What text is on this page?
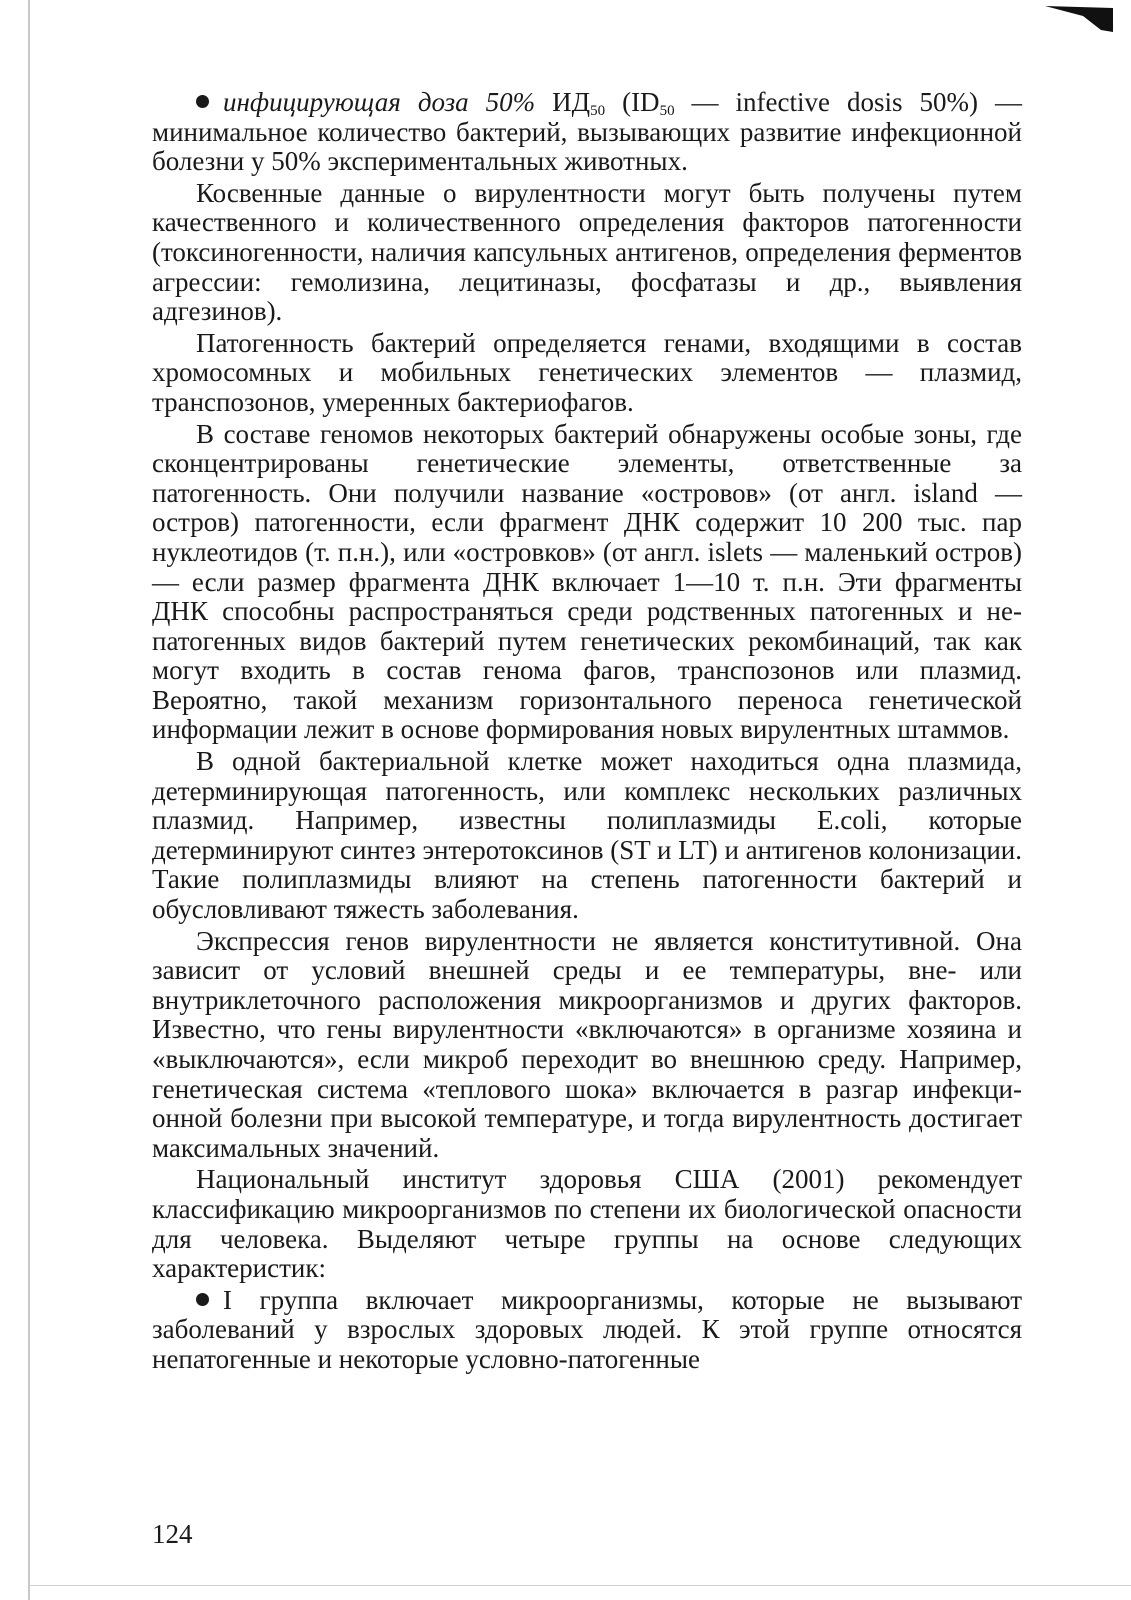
инфицирующая доза 50% $ИД_{50}$ ($ID_{50}$ — infective dosis 50%) — минимальное количество бактерий, вызывающих развитие инфекционной болезни у 50% экспериментальных животных.

Косвенные данные о вирулентности могут быть получены путем качественного и количественного определения факторов патогенности (токсиногенности, наличия капсульных антигенов, определения ферментов агрессии: гемолизина, лецитиназы, фосфатазы и др., выявления адгезинов).

Патогенность бактерий определяется генами, входящими в состав хромосомных и мобильных генетических элементов — плазмид, транспозонов, умеренных бактериофагов.

В составе геномов некоторых бактерий обнаружены особые зоны, где сконцентрированы генетические элементы, ответственные за патогенность. Они получили название «островов» (от англ. island — остров) патогенности, если фрагмент ДНК содержит 10 200 тыс. пар нуклеотидов (т. п.н.), или «островков» (от англ. islets — маленький остров) — если размер фрагмента ДНК включает 1—10 т. п.н. Эти фрагменты ДНК способны распространяться среди родственных патогенных и непатогенных видов бактерий путем генетических рекомбинаций, так как могут входить в состав генома фагов, транспозонов или плазмид. Вероятно, такой механизм горизонтального переноса генетической информации лежит в основе формирования новых вирулентных штаммов.

В одной бактериальной клетке может находиться одна плазмида, детерминирующая патогенность, или комплекс нескольких различных плазмид. Например, известны полиплазмиды E.coli, которые детерминируют синтез энтеротоксинов (ST и LT) и антигенов колонизации. Такие полиплазмиды влияют на степень патогенности бактерий и обусловливают тяжесть заболевания.

Экспрессия генов вирулентности не является конститутивной. Она зависит от условий внешней среды и ее температуры, вне- или внутриклеточного расположения микроорганизмов и других факторов. Известно, что гены вирулентности «включаются» в организме хозяина и «выключаются», если микроб переходит во внешнюю среду. Например, генетическая система «теплового шока» включается в разгар инфекционной болезни при высокой температуре, и тогда вирулентность достигает максимальных значений.

Национальный институт здоровья США (2001) рекомендует классификацию микроорганизмов по степени их биологической опасности для человека. Выделяют четыре группы на основе следующих характеристик:

I группа включает микроорганизмы, которые не вызывают заболеваний у взрослых здоровых людей. К этой группе относятся непатогенные и некоторые условно-патогенные

124
